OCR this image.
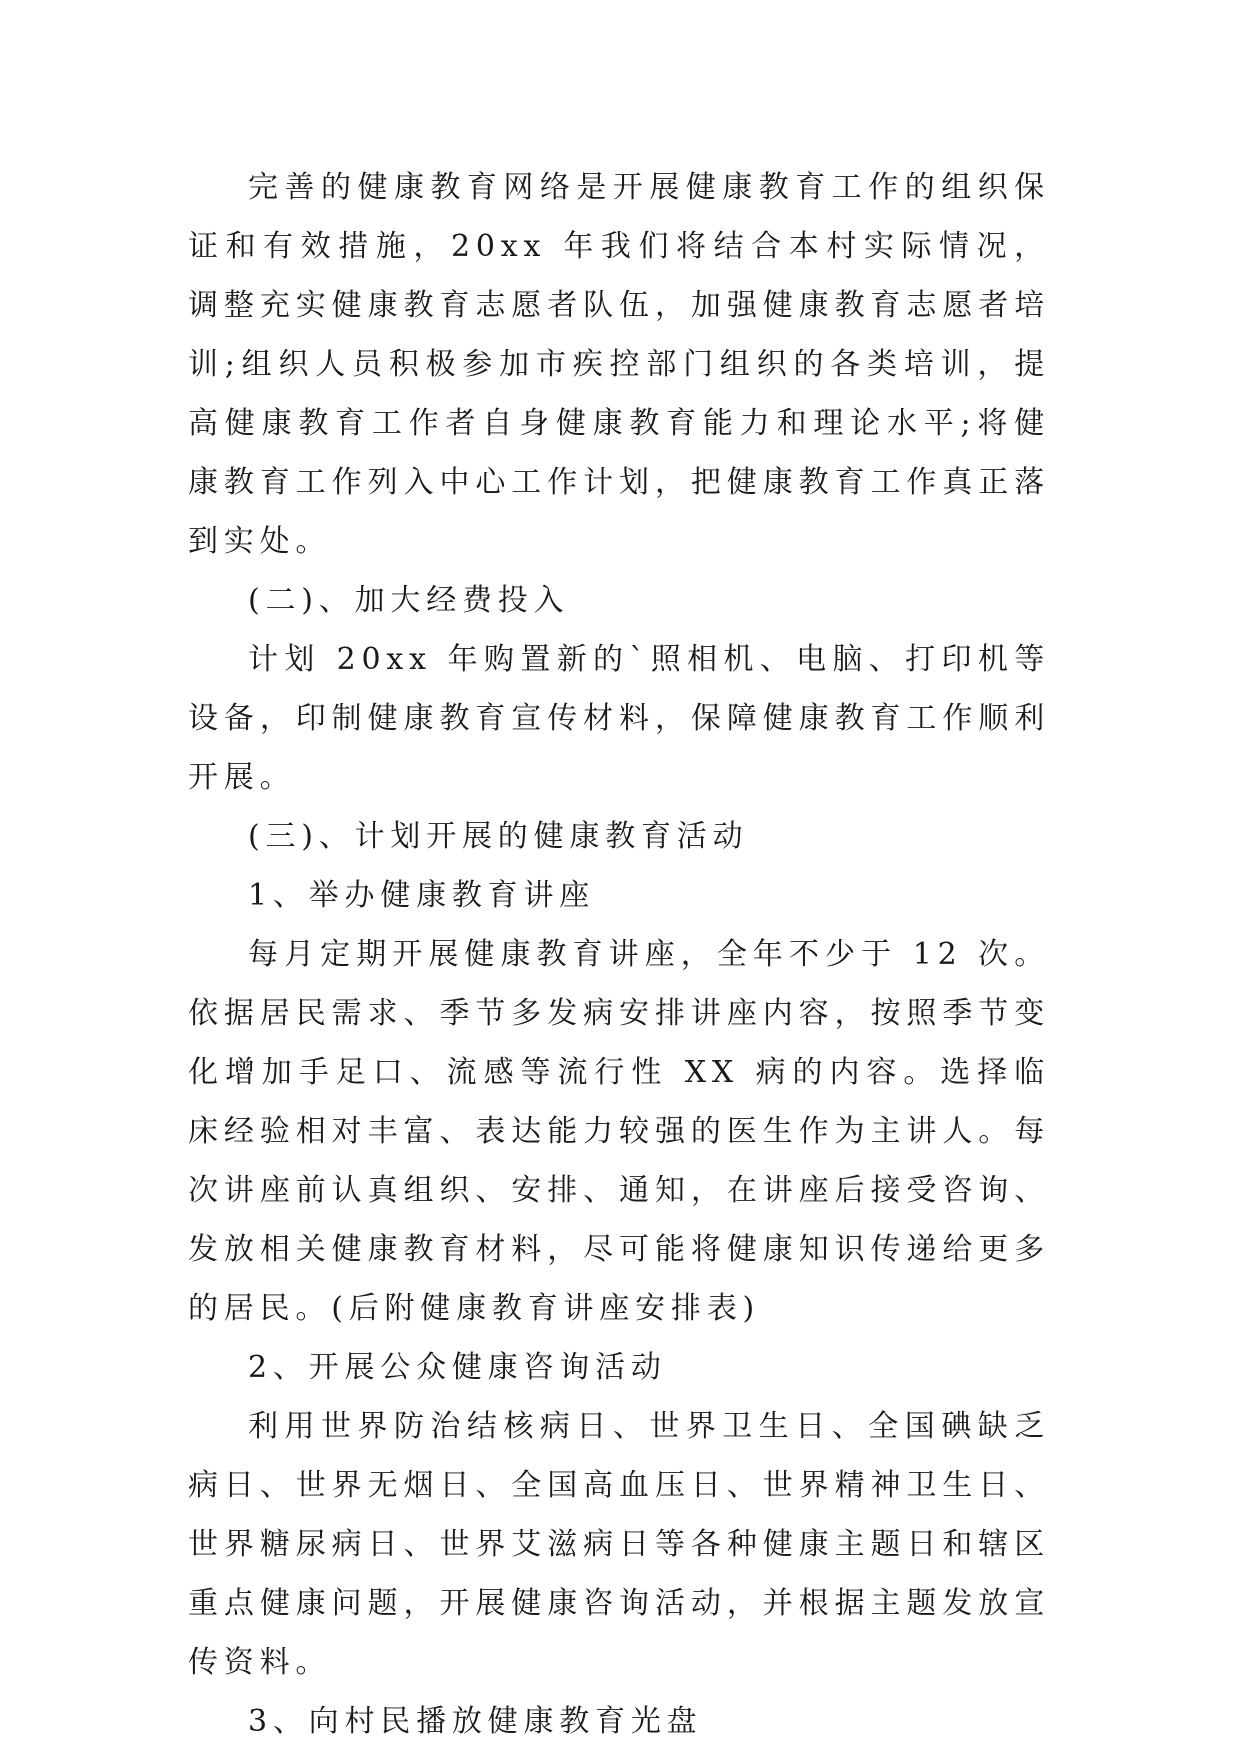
完善的健康教育网络是开展健康教育工作的组织保证和有效措施，20xx 年我们将结合本村实际情况，调整充实健康教育志愿者队伍，加强健康教育志愿者培训;组织人员积极参加市疾控部门组织的各类培训，提高健康教育工作者自身健康教育能力和理论水平;将健康教育工作列入中心工作计划，把健康教育工作真正落到实处。

(二)、加大经费投入

计划 20xx 年购置新的`照相机、电脑、打印机等设备，印制健康教育宣传材料，保障健康教育工作顺利开展。

(三)、计划开展的健康教育活动

1、举办健康教育讲座

每月定期开展健康教育讲座，全年不少于 12 次。依据居民需求、季节多发病安排讲座内容，按照季节变化增加手足口、流感等流行性 XX 病的内容。选择临床经验相对丰富、表达能力较强的医生作为主讲人。每次讲座前认真组织、安排、通知，在讲座后接受咨询、发放相关健康教育材料，尽可能将健康知识传递给更多的居民。(后附健康教育讲座安排表)

2、开展公众健康咨询活动

利用世界防治结核病日、世界卫生日、全国碘缺乏病日、世界无烟日、全国高血压日、世界精神卫生日、世界糖尿病日、世界艾滋病日等各种健康主题日和辖区重点健康问题，开展健康咨询活动，并根据主题发放宣传资料。

3、向村民播放健康教育光盘
